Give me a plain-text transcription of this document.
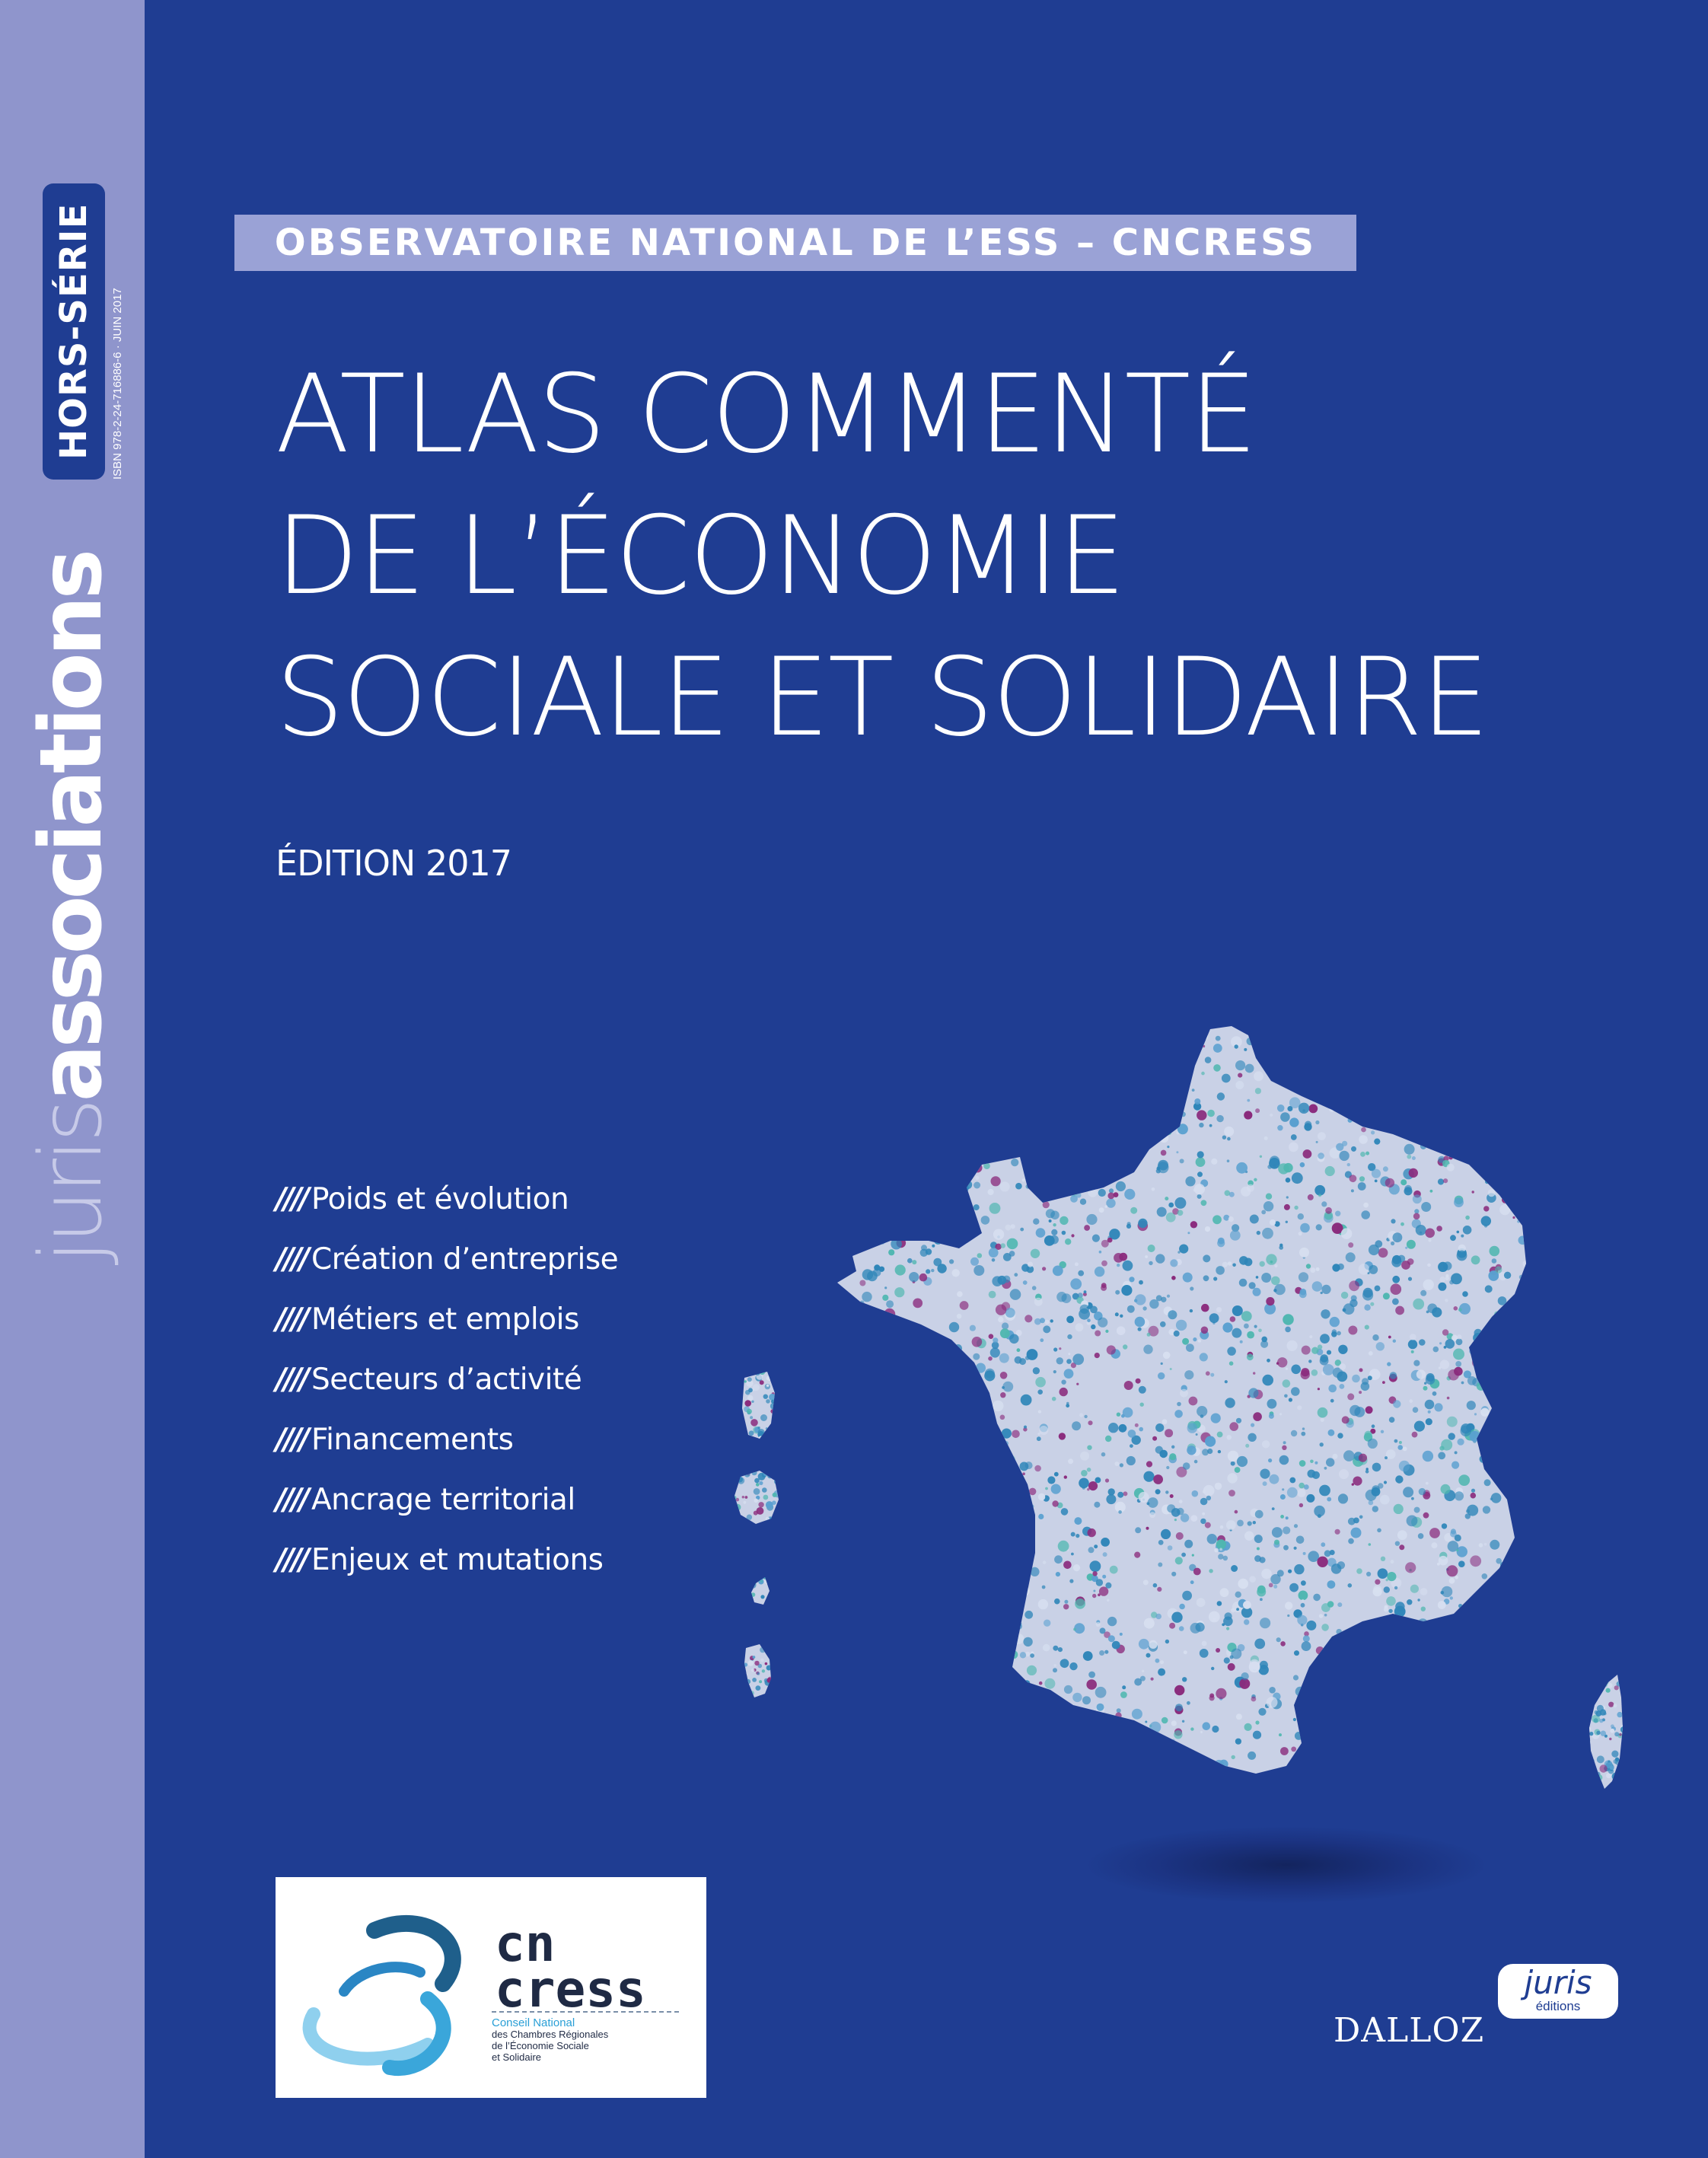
jurisassociations
HORS-SÉRIE	ISBN 978-2-24-716886-6 · JUIN 2017
OBSERVATOIRE NATIONAL DE L’ESS – CNCRESS
ATLAS COMMENTÉ
DE L’ÉCONOMIE
SOCIALE ET SOLIDAIRE
ÉDITION 2017
//// Poids et évolution
//// Création d’entreprise
//// Métiers et emplois
//// Secteurs d’activité
//// Financements
//// Ancrage territorial
//// Enjeux et mutations
cn
cress
Conseil National
des Chambres Régionales
de l’Économie Sociale
et Solidaire
DALLOZ
juris
éditions
